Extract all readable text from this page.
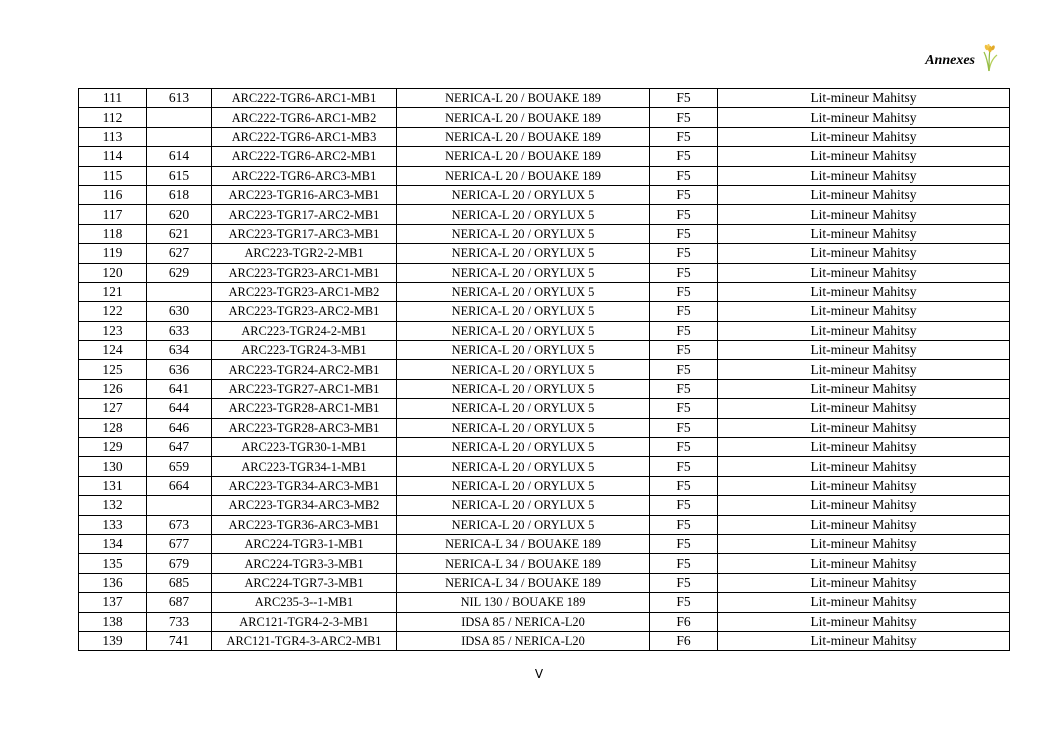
Annexes
111	613	ARC222-TGR6-ARC1-MB1	NERICA-L 20 / BOUAKE 189	F5	Lit-mineur Mahitsy
112		ARC222-TGR6-ARC1-MB2	NERICA-L 20 / BOUAKE 189	F5	Lit-mineur Mahitsy
113		ARC222-TGR6-ARC1-MB3	NERICA-L 20 / BOUAKE 189	F5	Lit-mineur Mahitsy
114	614	ARC222-TGR6-ARC2-MB1	NERICA-L 20 / BOUAKE 189	F5	Lit-mineur Mahitsy
115	615	ARC222-TGR6-ARC3-MB1	NERICA-L 20 / BOUAKE 189	F5	Lit-mineur Mahitsy
116	618	ARC223-TGR16-ARC3-MB1	NERICA-L 20 / ORYLUX 5	F5	Lit-mineur Mahitsy
117	620	ARC223-TGR17-ARC2-MB1	NERICA-L 20 / ORYLUX 5	F5	Lit-mineur Mahitsy
118	621	ARC223-TGR17-ARC3-MB1	NERICA-L 20 / ORYLUX 5	F5	Lit-mineur Mahitsy
119	627	ARC223-TGR2-2-MB1	NERICA-L 20 / ORYLUX 5	F5	Lit-mineur Mahitsy
120	629	ARC223-TGR23-ARC1-MB1	NERICA-L 20 / ORYLUX 5	F5	Lit-mineur Mahitsy
121		ARC223-TGR23-ARC1-MB2	NERICA-L 20 / ORYLUX 5	F5	Lit-mineur Mahitsy
122	630	ARC223-TGR23-ARC2-MB1	NERICA-L 20 / ORYLUX 5	F5	Lit-mineur Mahitsy
123	633	ARC223-TGR24-2-MB1	NERICA-L 20 / ORYLUX 5	F5	Lit-mineur Mahitsy
124	634	ARC223-TGR24-3-MB1	NERICA-L 20 / ORYLUX 5	F5	Lit-mineur Mahitsy
125	636	ARC223-TGR24-ARC2-MB1	NERICA-L 20 / ORYLUX 5	F5	Lit-mineur Mahitsy
126	641	ARC223-TGR27-ARC1-MB1	NERICA-L 20 / ORYLUX 5	F5	Lit-mineur Mahitsy
127	644	ARC223-TGR28-ARC1-MB1	NERICA-L 20 / ORYLUX 5	F5	Lit-mineur Mahitsy
128	646	ARC223-TGR28-ARC3-MB1	NERICA-L 20 / ORYLUX 5	F5	Lit-mineur Mahitsy
129	647	ARC223-TGR30-1-MB1	NERICA-L 20 / ORYLUX 5	F5	Lit-mineur Mahitsy
130	659	ARC223-TGR34-1-MB1	NERICA-L 20 / ORYLUX 5	F5	Lit-mineur Mahitsy
131	664	ARC223-TGR34-ARC3-MB1	NERICA-L 20 / ORYLUX 5	F5	Lit-mineur Mahitsy
132		ARC223-TGR34-ARC3-MB2	NERICA-L 20 / ORYLUX 5	F5	Lit-mineur Mahitsy
133	673	ARC223-TGR36-ARC3-MB1	NERICA-L 20 / ORYLUX 5	F5	Lit-mineur Mahitsy
134	677	ARC224-TGR3-1-MB1	NERICA-L 34 / BOUAKE 189	F5	Lit-mineur Mahitsy
135	679	ARC224-TGR3-3-MB1	NERICA-L 34 / BOUAKE 189	F5	Lit-mineur Mahitsy
136	685	ARC224-TGR7-3-MB1	NERICA-L 34 / BOUAKE 189	F5	Lit-mineur Mahitsy
137	687	ARC235-3--1-MB1	NIL 130 / BOUAKE 189	F5	Lit-mineur Mahitsy
138	733	ARC121-TGR4-2-3-MB1	IDSA 85 / NERICA-L20	F6	Lit-mineur Mahitsy
139	741	ARC121-TGR4-3-ARC2-MB1	IDSA 85 / NERICA-L20	F6	Lit-mineur Mahitsy
V
